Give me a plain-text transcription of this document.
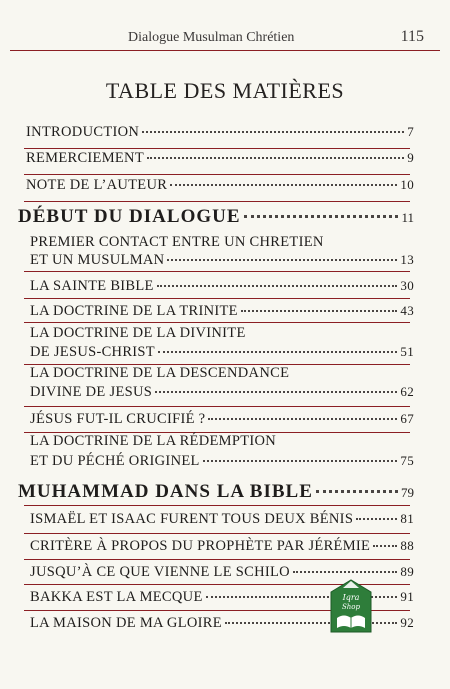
Dialogue Musulman Chrétien	115
TABLE DES MATIÈRES
INTRODUCTION	7
REMERCIEMENT	9
NOTE DE L’AUTEUR	10
DÉBUT DU DIALOGUE	11
PREMIER CONTACT ENTRE UN CHRETIEN
ET UN MUSULMAN	13
LA SAINTE BIBLE	30
LA DOCTRINE DE LA TRINITE	43
LA DOCTRINE DE LA DIVINITE
DE JESUS-CHRIST	51
LA DOCTRINE DE LA DESCENDANCE
DIVINE DE JESUS	62
JÉSUS FUT-IL CRUCIFIÉ ?	67
LA DOCTRINE DE LA RÉDEMPTION
ET DU PÉCHÉ ORIGINEL	75
MUHAMMAD DANS LA BIBLE	79
ISMAËL ET ISAAC FURENT TOUS DEUX BÉNIS	81
CRITÈRE À PROPOS DU PROPHÈTE PAR JÉRÉMIE 88
JUSQU’À CE QUE VIENNE LE SCHILO	89
BAKKA EST LA MECQUE	91
LA MAISON DE MA GLOIRE	92
Iqra
Shop
